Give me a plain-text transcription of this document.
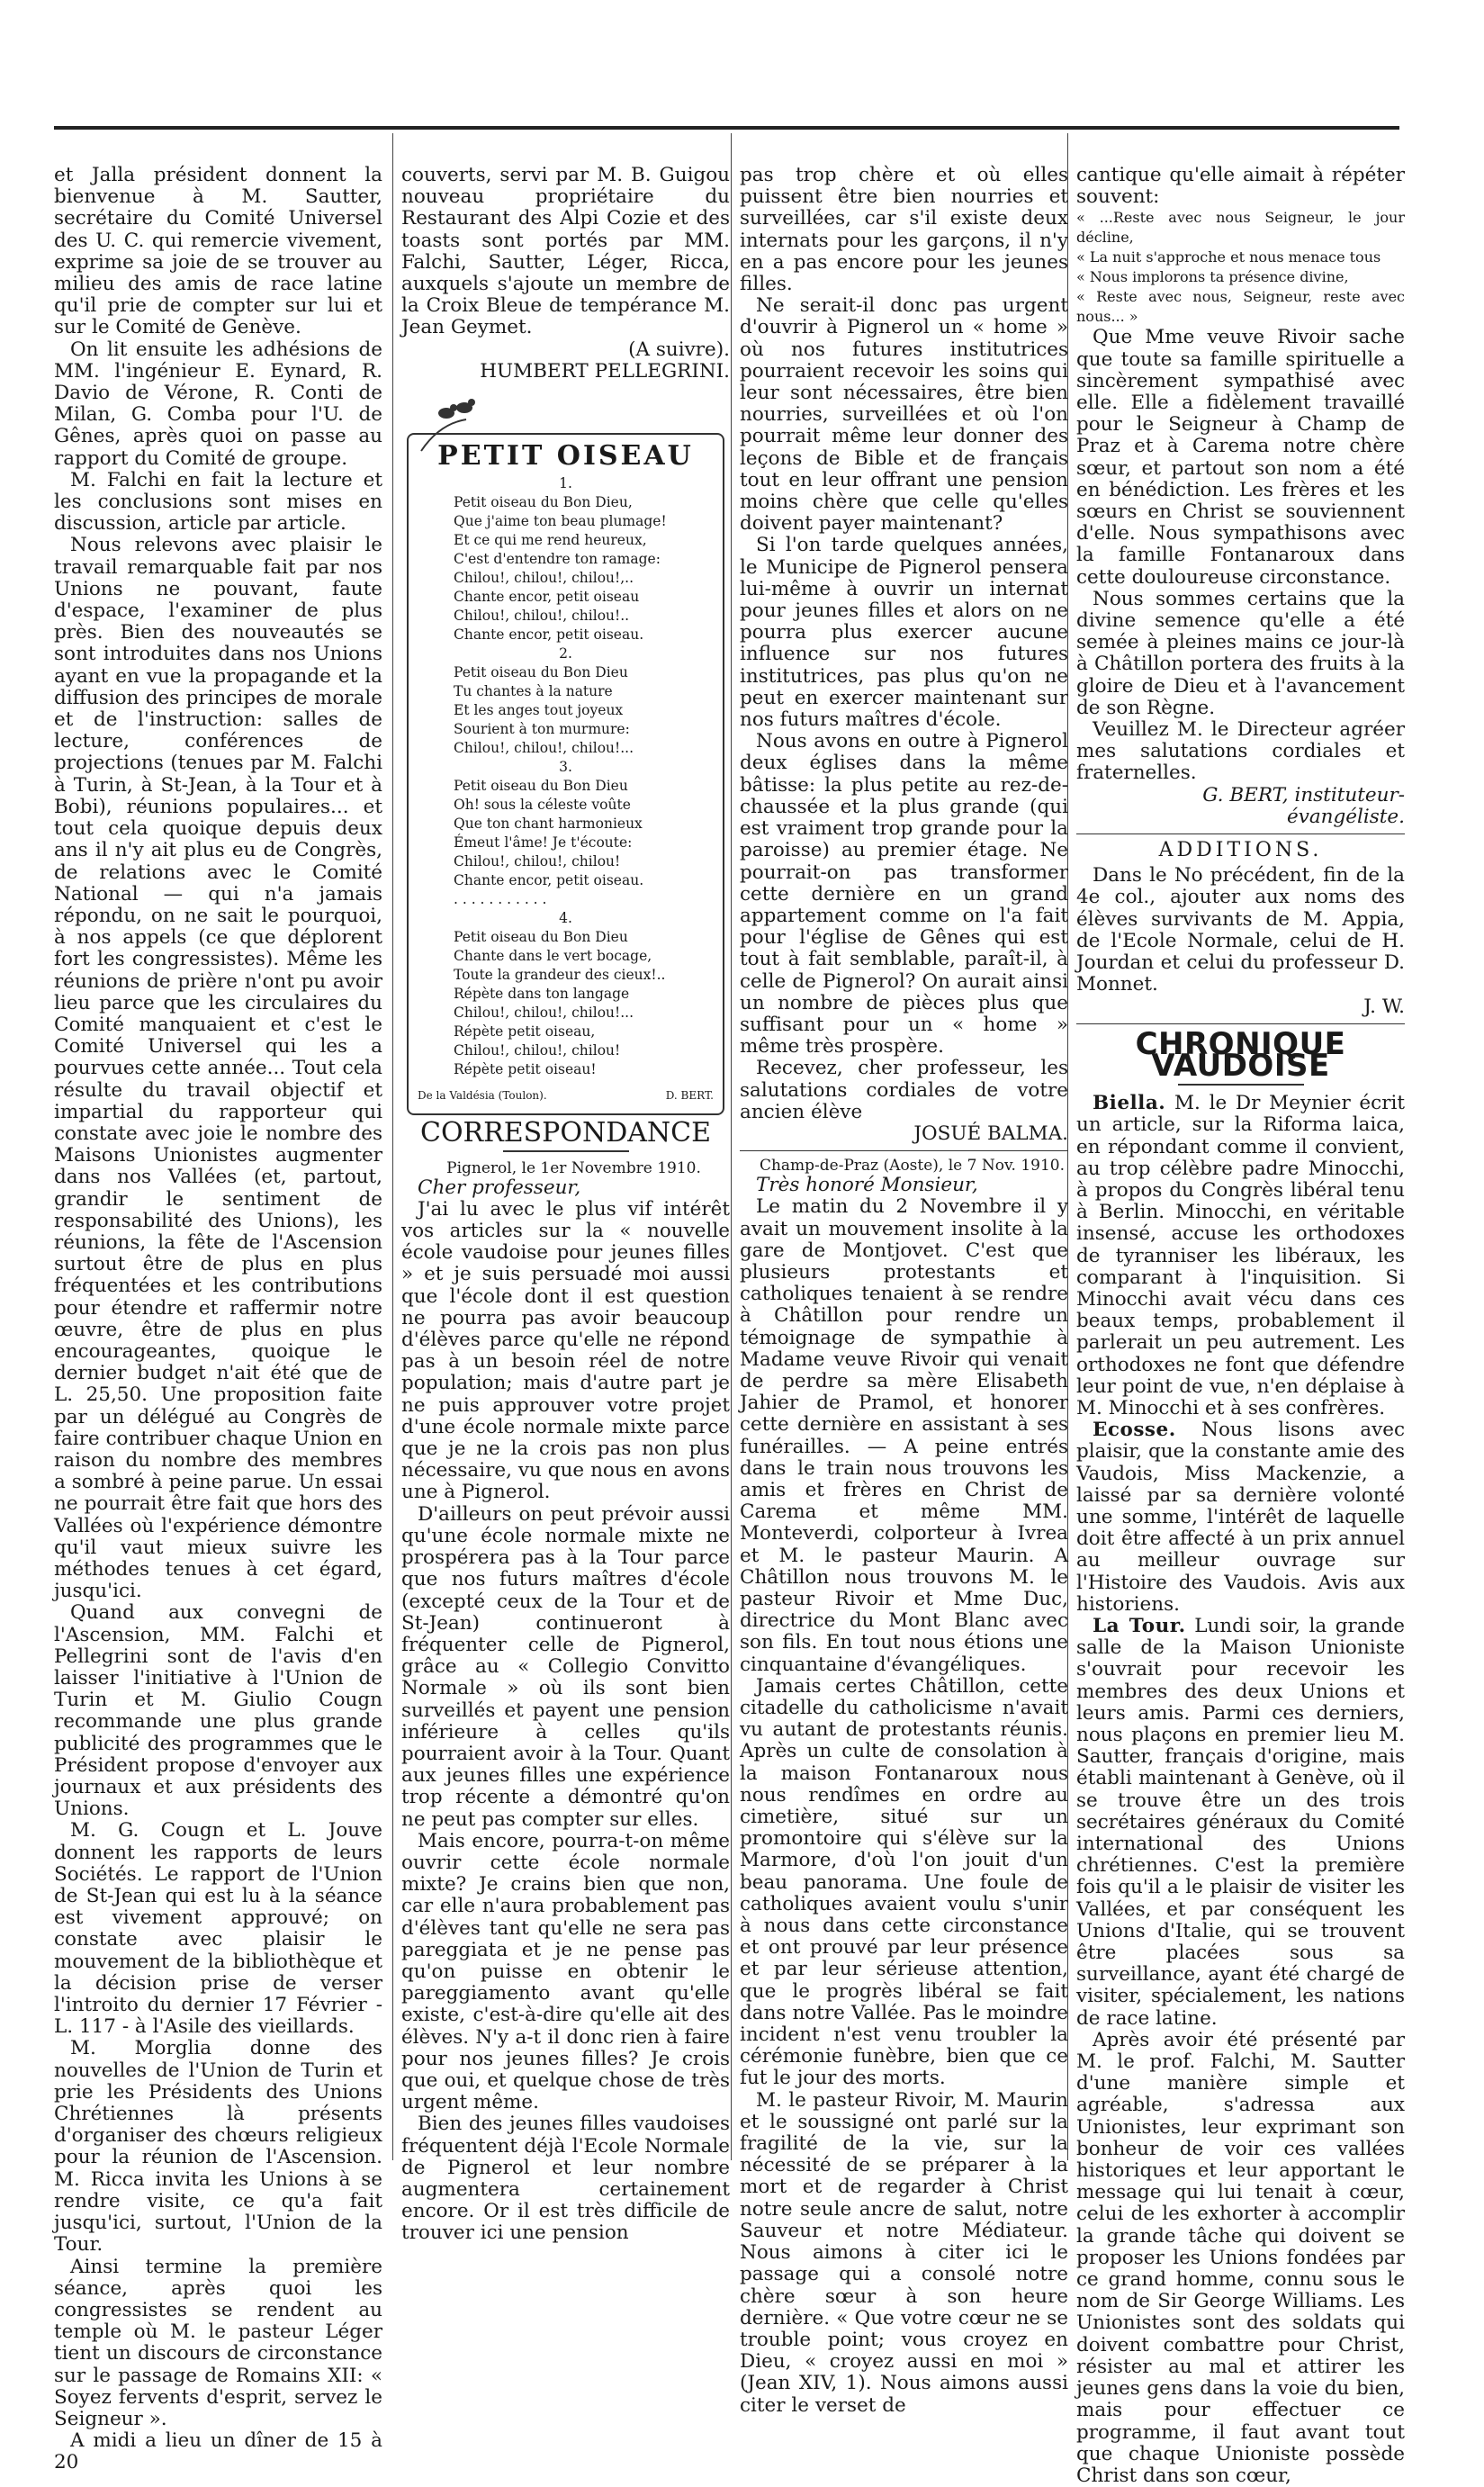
et Jalla président donnent la bienvenue à M. Sautter, secrétaire du Comité Universel des U. C. qui remercie vivement, exprime sa joie de se trouver au milieu des amis de race latine qu'il prie de compter sur lui et sur le Comité de Genève.

On lit ensuite les adhésions de MM. l'ingénieur E. Eynard, R. Davio de Vérone, R. Conti de Milan, G. Comba pour l'U. de Gênes, après quoi on passe au rapport du Comité de groupe.

M. Falchi en fait la lecture et les conclusions sont mises en discussion, article par article.

Nous relevons avec plaisir le travail remarquable fait par nos Unions ne pouvant, faute d'espace, l'examiner de plus près. Bien des nouveautés se sont introduites dans nos Unions ayant en vue la propagande et la diffusion des principes de morale et de l'instruction: salles de lecture, conférences de projections (tenues par M. Falchi à Turin, à St-Jean, à la Tour et à Bobi), réunions populaires... et tout cela quoique depuis deux ans il n'y ait plus eu de Congrès, de relations avec le Comité National — qui n'a jamais répondu, on ne sait le pourquoi, à nos appels (ce que déplorent fort les congressistes). Même les réunions de prière n'ont pu avoir lieu parce que les circulaires du Comité manquaient et c'est le Comité Universel qui les a pourvues cette année... Tout cela résulte du travail objectif et impartial du rapporteur qui constate avec joie le nombre des Maisons Unionistes augmenter dans nos Vallées (et, partout, grandir le sentiment de responsabilité des Unions), les réunions, la fête de l'Ascension surtout être de plus en plus fréquentées et les contributions pour étendre et raffermir notre œuvre, être de plus en plus encourageantes, quoique le dernier budget n'ait été que de L. 25,50. Une proposition faite par un délégué au Congrès de faire contribuer chaque Union en raison du nombre des membres a sombré à peine parue. Un essai ne pourrait être fait que hors des Vallées où l'expérience démontre qu'il vaut mieux suivre les méthodes tenues à cet égard, jusqu'ici.

Quand aux convegni de l'Ascension, MM. Falchi et Pellegrini sont de l'avis d'en laisser l'initiative à l'Union de Turin et M. Giulio Cougn recommande une plus grande publicité des programmes que le Président propose d'envoyer aux journaux et aux présidents des Unions.

M. G. Cougn et L. Jouve donnent les rapports de leurs Sociétés. Le rapport de l'Union de St-Jean qui est lu à la séance est vivement approuvé; on constate avec plaisir le mouvement de la bibliothèque et la décision prise de verser l'introito du dernier 17 Février - L. 117 - à l'Asile des vieillards.

M. Morglia donne des nouvelles de l'Union de Turin et prie les Présidents des Unions Chrétiennes là présents d'organiser des chœurs religieux pour la réunion de l'Ascension. M. Ricca invita les Unions à se rendre visite, ce qu'a fait jusqu'ici, surtout, l'Union de la Tour.

Ainsi termine la première séance, après quoi les congressistes se rendent au temple où M. le pasteur Léger tient un discours de circonstance sur le passage de Romains XII: « Soyez fervents d'esprit, servez le Seigneur ».

A midi a lieu un dîner de 15 à 20

couverts, servi par M. B. Guigou nouveau propriétaire du Restaurant des Alpi Cozie et des toasts sont portés par MM. Falchi, Sautter, Léger, Ricca, auxquels s'ajoute un membre de la Croix Bleue de tempérance M. Jean Geymet.

(A suivre).

HUMBERT PELLEGRINI.

PETIT OISEAU
1.
Petit oiseau du Bon Dieu,
Que j'aime ton beau plumage!
Et ce qui me rend heureux,
C'est d'entendre ton ramage:
Chilou!, chilou!, chilou!,..
Chante encor, petit oiseau
Chilou!, chilou!, chilou!..
Chante encor, petit oiseau.
2.
Petit oiseau du Bon Dieu
Tu chantes à la nature
Et les anges tout joyeux
Sourient à ton murmure:
Chilou!, chilou!, chilou!...
3.
Petit oiseau du Bon Dieu
Oh! sous la céleste voûte
Que ton chant harmonieux
Émeut l'âme! Je t'écoute:
Chilou!, chilou!, chilou!
Chante encor, petit oiseau.
. . . . . . . . . . .
4.
Petit oiseau du Bon Dieu
Chante dans le vert bocage,
Toute la grandeur des cieux!..
Répète dans ton langage
Chilou!, chilou!, chilou!...
Répète petit oiseau,
Chilou!, chilou!, chilou!
Répète petit oiseau!
De la Valdésia (Toulon).	D. BERT.
CORRESPONDANCE

Pignerol, le 1er Novembre 1910.

Cher professeur,

J'ai lu avec le plus vif intérêt vos articles sur la « nouvelle école vaudoise pour jeunes filles » et je suis persuadé moi aussi que l'école dont il est question ne pourra pas avoir beaucoup d'élèves parce qu'elle ne répond pas à un besoin réel de notre population; mais d'autre part je ne puis approuver votre projet d'une école normale mixte parce que je ne la crois pas non plus nécessaire, vu que nous en avons une à Pignerol.

D'ailleurs on peut prévoir aussi qu'une école normale mixte ne prospérera pas à la Tour parce que nos futurs maîtres d'école (excepté ceux de la Tour et de St-Jean) continueront à fréquenter celle de Pignerol, grâce au « Collegio Convitto Normale » où ils sont bien surveillés et payent une pension inférieure à celles qu'ils pourraient avoir à la Tour. Quant aux jeunes filles une expérience trop récente a démontré qu'on ne peut pas compter sur elles.

Mais encore, pourra-t-on même ouvrir cette école normale mixte? Je crains bien que non, car elle n'aura probablement pas d'élèves tant qu'elle ne sera pas pareggiata et je ne pense pas qu'on puisse en obtenir le pareggiamento avant qu'elle existe, c'est-à-dire qu'elle ait des élèves. N'y a-t il donc rien à faire pour nos jeunes filles? Je crois que oui, et quelque chose de très urgent même.

Bien des jeunes filles vaudoises fréquentent déjà l'Ecole Normale de Pignerol et leur nombre augmentera certainement encore. Or il est très difficile de trouver ici une pension

pas trop chère et où elles puissent être bien nourries et surveillées, car s'il existe deux internats pour les garçons, il n'y en a pas encore pour les jeunes filles.

Ne serait-il donc pas urgent d'ouvrir à Pignerol un « home » où nos futures institutrices pourraient recevoir les soins qui leur sont nécessaires, être bien nourries, surveillées et où l'on pourrait même leur donner des leçons de Bible et de français tout en leur offrant une pension moins chère que celle qu'elles doivent payer maintenant?

Si l'on tarde quelques années, le Municipe de Pignerol pensera lui-même à ouvrir un internat pour jeunes filles et alors on ne pourra plus exercer aucune influence sur nos futures institutrices, pas plus qu'on ne peut en exercer maintenant sur nos futurs maîtres d'école.

Nous avons en outre à Pignerol deux églises dans la même bâtisse: la plus petite au rez-de-chaussée et la plus grande (qui est vraiment trop grande pour la paroisse) au premier étage. Ne pourrait-on pas transformer cette dernière en un grand appartement comme on l'a fait pour l'église de Gênes qui est tout à fait semblable, paraît-il, à celle de Pignerol? On aurait ainsi un nombre de pièces plus que suffisant pour un « home » même très prospère.

Recevez, cher professeur, les salutations cordiales de votre ancien élève

JOSUÉ BALMA.

Champ-de-Praz (Aoste), le 7 Nov. 1910.

Très honoré Monsieur,

Le matin du 2 Novembre il y avait un mouvement insolite à la gare de Montjovet. C'est que plusieurs protestants et catholiques tenaient à se rendre à Châtillon pour rendre un témoignage de sympathie à Madame veuve Rivoir qui venait de perdre sa mère Elisabeth Jahier de Pramol, et honorer cette dernière en assistant à ses funérailles. — A peine entrés dans le train nous trouvons les amis et frères en Christ de Carema et même MM. Monteverdi, colporteur à Ivrea et M. le pasteur Maurin. A Châtillon nous trouvons M. le pasteur Rivoir et Mme Duc, directrice du Mont Blanc avec son fils. En tout nous étions une cinquantaine d'évangéliques.

Jamais certes Châtillon, cette citadelle du catholicisme n'avait vu autant de protestants réunis. Après un culte de consolation à la maison Fontanaroux nous nous rendîmes en ordre au cimetière, situé sur un promontoire qui s'élève sur la Marmore, d'où l'on jouit d'un beau panorama. Une foule de catholiques avaient voulu s'unir à nous dans cette circonstance et ont prouvé par leur présence et par leur sérieuse attention, que le progrès libéral se fait dans notre Vallée. Pas le moindre incident n'est venu troubler la cérémonie funèbre, bien que ce fut le jour des morts.

M. le pasteur Rivoir, M. Maurin et le soussigné ont parlé sur la fragilité de la vie, sur la nécessité de se préparer à la mort et de regarder à Christ notre seule ancre de salut, notre Sauveur et notre Médiateur. Nous aimons à citer ici le passage qui a consolé notre chère sœur à son heure dernière. « Que votre cœur ne se trouble point; vous croyez en Dieu, « croyez aussi en moi » (Jean XIV, 1). Nous aimons aussi citer le verset de

cantique qu'elle aimait à répéter souvent:

« ...Reste avec nous Seigneur, le jour décline,
« La nuit s'approche et nous menace tous
« Nous implorons ta présence divine,
« Reste avec nous, Seigneur, reste avec nous... »

Que Mme veuve Rivoir sache que toute sa famille spirituelle a sincèrement sympathisé avec elle. Elle a fidèlement travaillé pour le Seigneur à Champ de Praz et à Carema notre chère sœur, et partout son nom a été en bénédiction. Les frères et les sœurs en Christ se souviennent d'elle. Nous sympathisons avec la famille Fontanaroux dans cette douloureuse circonstance.

Nous sommes certains que la divine semence qu'elle a été semée à pleines mains ce jour-là à Châtillon portera des fruits à la gloire de Dieu et à l'avancement de son Règne.

Veuillez M. le Directeur agréer mes salutations cordiales et fraternelles.

G. BERT, instituteur-évangéliste.

ADDITIONS.

Dans le No précédent, fin de la 4e col., ajouter aux noms des élèves survivants de M. Appia, de l'Ecole Normale, celui de H. Jourdan et celui du professeur D. Monnet.

J. W.

CHRONIQUE VAUDOISE

Biella. M. le Dr Meynier écrit un article, sur la Riforma laica, en répondant comme il convient, au trop célèbre padre Minocchi, à propos du Congrès libéral tenu à Berlin. Minocchi, en véritable insensé, accuse les orthodoxes de tyranniser les libéraux, les comparant à l'inquisition. Si Minocchi avait vécu dans ces beaux temps, probablement il parlerait un peu autrement. Les orthodoxes ne font que défendre leur point de vue, n'en déplaise à M. Minocchi et à ses confrères.

Ecosse. Nous lisons avec plaisir, que la constante amie des Vaudois, Miss Mackenzie, a laissé par sa dernière volonté une somme, l'intérêt de laquelle doit être affecté à un prix annuel au meilleur ouvrage sur l'Histoire des Vaudois. Avis aux historiens.

La Tour. Lundi soir, la grande salle de la Maison Unioniste s'ouvrait pour recevoir les membres des deux Unions et leurs amis. Parmi ces derniers, nous plaçons en premier lieu M. Sautter, français d'origine, mais établi maintenant à Genève, où il se trouve être un des trois secrétaires généraux du Comité international des Unions chrétiennes. C'est la première fois qu'il a le plaisir de visiter les Vallées, et par conséquent les Unions d'Italie, qui se trouvent être placées sous sa surveillance, ayant été chargé de visiter, spécialement, les nations de race latine.

Après avoir été présenté par M. le prof. Falchi, M. Sautter d'une manière simple et agréable, s'adressa aux Unionistes, leur exprimant son bonheur de voir ces vallées historiques et leur apportant le message qui lui tenait à cœur, celui de les exhorter à accomplir la grande tâche qui doivent se proposer les Unions fondées par ce grand homme, connu sous le nom de Sir George Williams. Les Unionistes sont des soldats qui doivent combattre pour Christ, résister au mal et attirer les jeunes gens dans la voie du bien, mais pour effectuer ce programme, il faut avant tout que chaque Unioniste possède Christ dans son cœur,
